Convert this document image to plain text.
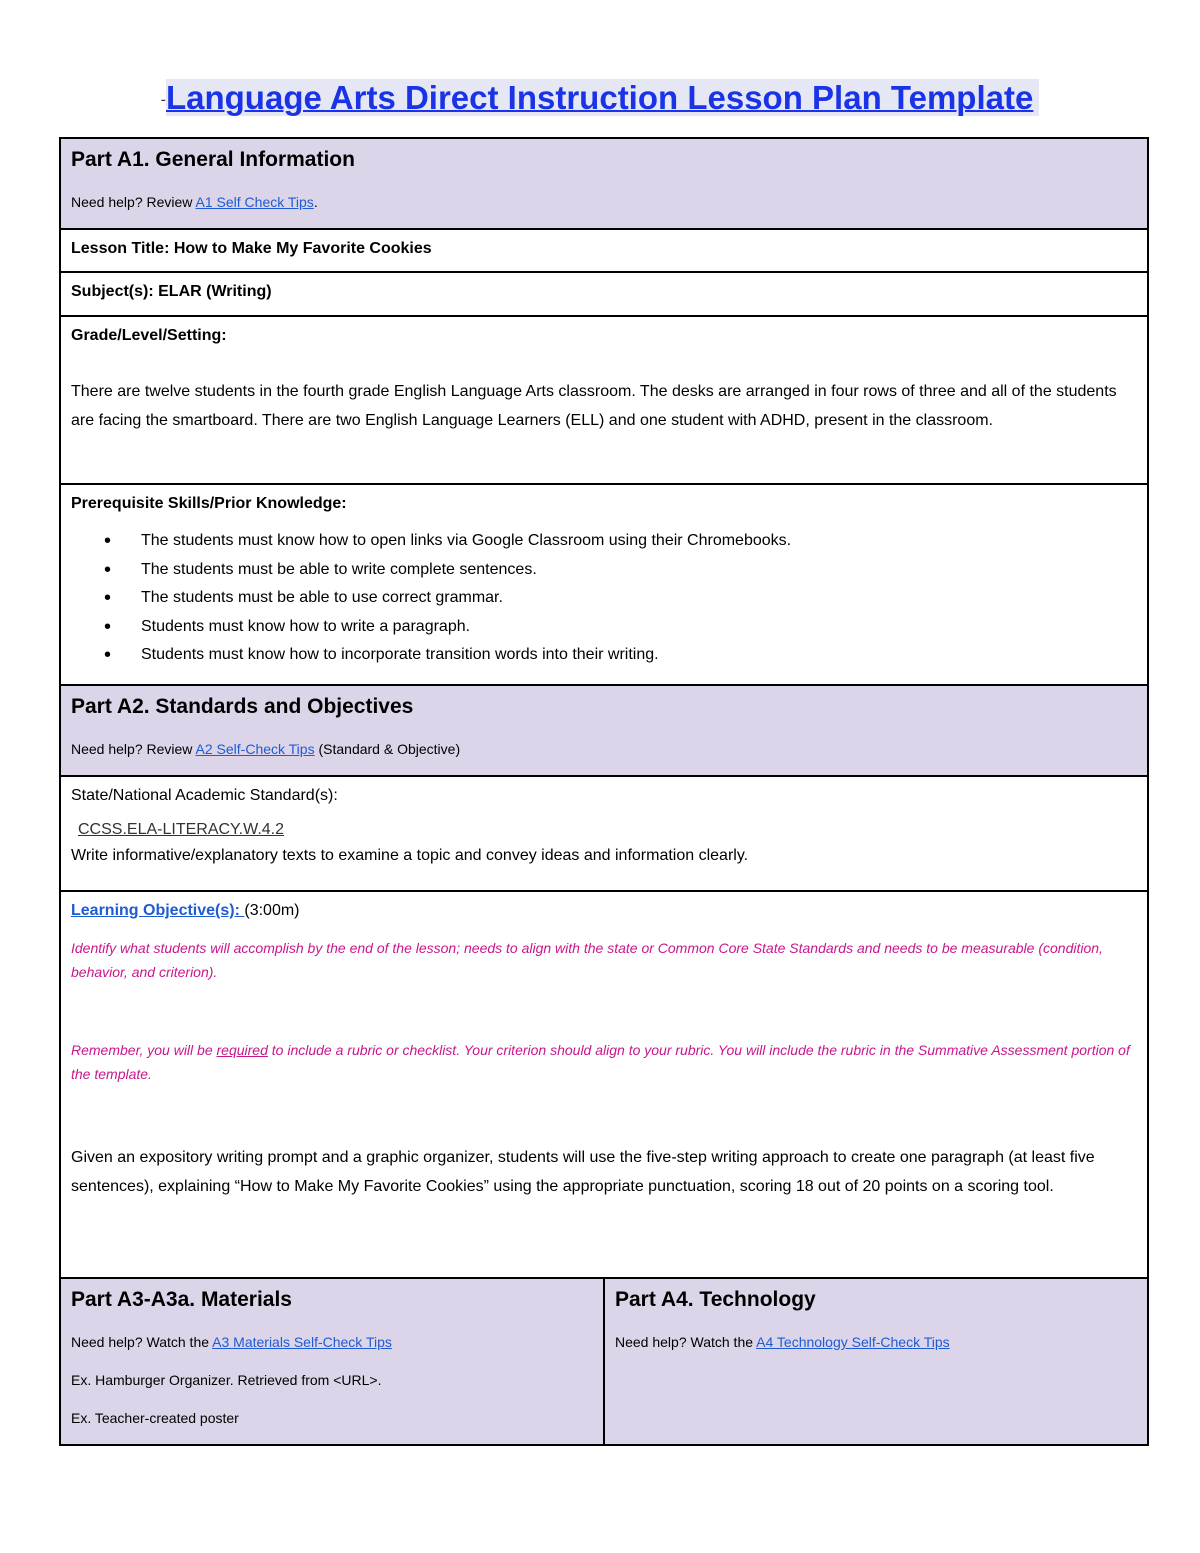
-Language Arts Direct Instruction Lesson Plan Template
Part A1. General Information
Need help? Review A1 Self Check Tips.

Lesson Title: How to Make My Favorite Cookies

Subject(s): ELAR (Writing)

Grade/Level/Setting:
There are twelve students in the fourth grade English Language Arts classroom. The desks are arranged in four rows of three and all of the students are facing the smartboard. There are two English Language Learners (ELL) and one student with ADHD, present in the classroom.

Prerequisite Skills/Prior Knowledge:
• The students must know how to open links via Google Classroom using their Chromebooks.
• The students must be able to write complete sentences.
• The students must be able to use correct grammar.
• Students must know how to write a paragraph.
• Students must know how to incorporate transition words into their writing.

Part A2. Standards and Objectives
Need help? Review A2 Self-Check Tips (Standard & Objective)

State/National Academic Standard(s):
CCSS.ELA-LITERACY.W.4.2
Write informative/explanatory texts to examine a topic and convey ideas and information clearly.

Learning Objective(s): (3:00m)
Identify what students will accomplish by the end of the lesson; needs to align with the state or Common Core State Standards and needs to be measurable (condition, behavior, and criterion).
Remember, you will be required to include a rubric or checklist. Your criterion should align to your rubric. You will include the rubric in the Summative Assessment portion of the template.
Given an expository writing prompt and a graphic organizer, students will use the five-step writing approach to create one paragraph (at least five sentences), explaining “How to Make My Favorite Cookies” using the appropriate punctuation, scoring 18 out of 20 points on a scoring tool.

Part A3-A3a. Materials
Need help? Watch the A3 Materials Self-Check Tips
Ex. Hamburger Organizer. Retrieved from <URL>.
Ex. Teacher-created poster

Part A4. Technology
Need help? Watch the A4 Technology Self-Check Tips
